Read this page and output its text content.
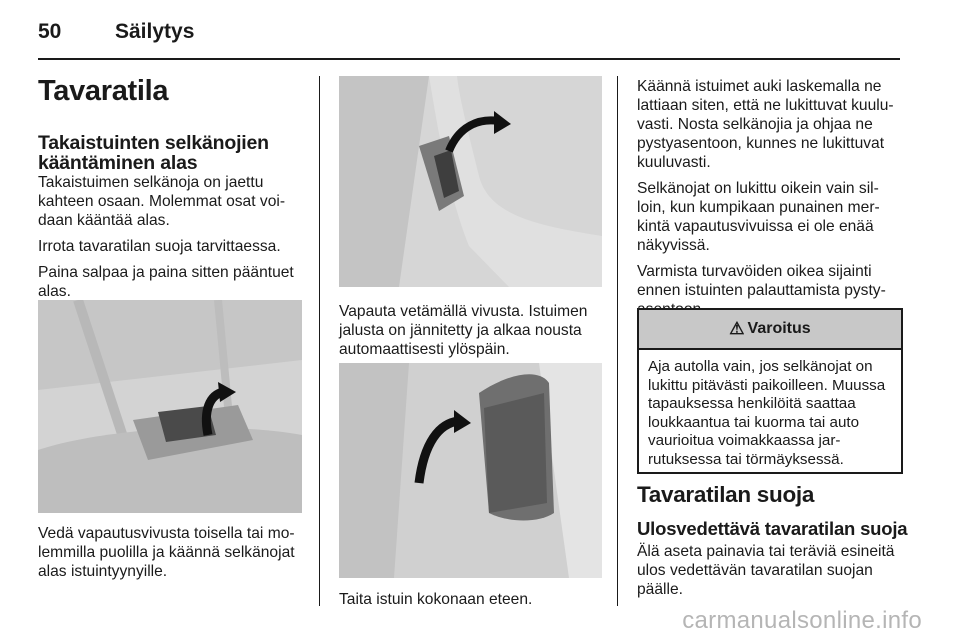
50	Säilytys
Tavaratila
Takaistuinten selkänojien kääntäminen alas

Takaistuimen selkänoja on jaettu kahteen osaan. Molemmat osat voi-daan kääntää alas.

Irrota tavaratilan suoja tarvittaessa.

Paina salpaa ja paina sitten pääntuet alas.

Vedä vapautusvivusta toisella tai mo-lemmilla puolilla ja käännä selkänojat alas istuintyynyille.
Vapauta vetämällä vivusta. Istuimen jalusta on jännitetty ja alkaa nousta automaattisesti ylöspäin.
Taita istuin kokonaan eteen.

Käännä istuimet auki laskemalla ne lattiaan siten, että ne lukittuvat kuulu-vasti. Nosta selkänojia ja ohjaa ne pystyasentoon, kunnes ne lukittuvat kuuluvasti.

Selkänojat on lukittu oikein vain sil-loin, kun kumpikaan punainen mer-kintä vapautusvivuissa ei ole enää näkyvissä.

Varmista turvavöiden oikea sijainti ennen istuinten palauttamista pysty-

⚠ Varoitus
Aja autolla vain, jos selkänojat on lukittu pitävästi paikoilleen. Muussa tapauksessa henkilöitä saattaa loukkaantua tai kuorma tai auto vaurioitua voimakkaassa jar-rutuksessa tai törmäyksessä.
Tavaratilan suoja
Ulosvedettävä tavaratilan suoja
Älä aseta painavia tai teräviä esineitä ulos vedettävän tavaratilan suojan päälle.
carmanualsonline.info
